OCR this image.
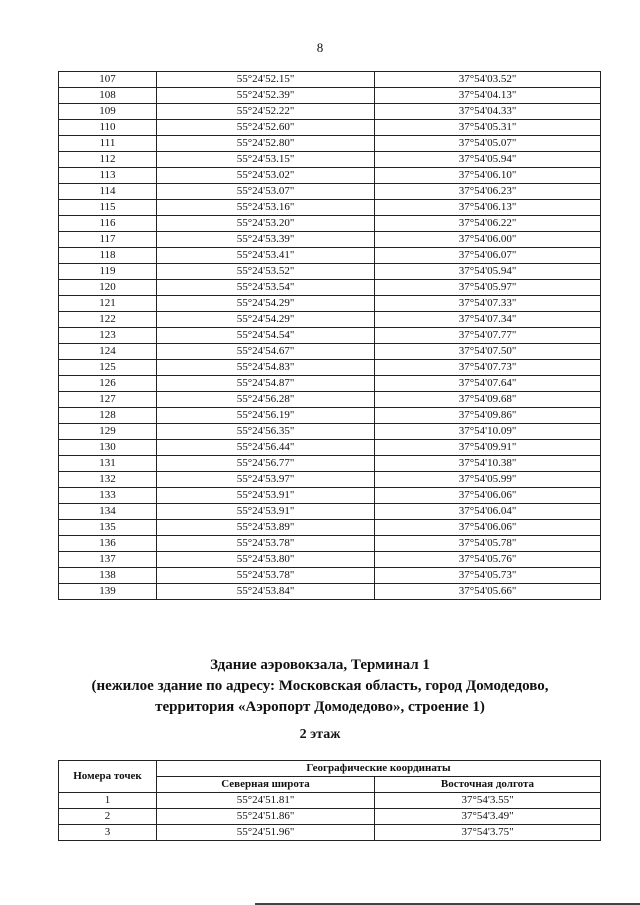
8
107	55°24'52.15"	37°54'03.52"
108	55°24'52.39"	37°54'04.13"
109	55°24'52.22"	37°54'04.33"
110	55°24'52.60"	37°54'05.31"
111	55°24'52.80"	37°54'05.07"
112	55°24'53.15"	37°54'05.94"
113	55°24'53.02"	37°54'06.10"
114	55°24'53.07"	37°54'06.23"
115	55°24'53.16"	37°54'06.13"
116	55°24'53.20"	37°54'06.22"
117	55°24'53.39"	37°54'06.00"
118	55°24'53.41"	37°54'06.07"
119	55°24'53.52"	37°54'05.94"
120	55°24'53.54"	37°54'05.97"
121	55°24'54.29"	37°54'07.33"
122	55°24'54.29"	37°54'07.34"
123	55°24'54.54"	37°54'07.77"
124	55°24'54.67"	37°54'07.50"
125	55°24'54.83"	37°54'07.73"
126	55°24'54.87"	37°54'07.64"
127	55°24'56.28"	37°54'09.68"
128	55°24'56.19"	37°54'09.86"
129	55°24'56.35"	37°54'10.09"
130	55°24'56.44"	37°54'09.91"
131	55°24'56.77"	37°54'10.38"
132	55°24'53.97"	37°54'05.99"
133	55°24'53.91"	37°54'06.06"
134	55°24'53.91"	37°54'06.04"
135	55°24'53.89"	37°54'06.06"
136	55°24'53.78"	37°54'05.78"
137	55°24'53.80"	37°54'05.76"
138	55°24'53.78"	37°54'05.73"
139	55°24'53.84"	37°54'05.66"
Здание аэровокзала, Терминал 1
(нежилое здание по адресу: Московская область, город Домодедово,
территория «Аэропорт Домодедово», строение 1)
2 этаж
Номера точек	Географические координаты	
	Северная широта	Восточная долгота
1	55°24'51.81"	37°54'3.55"
2	55°24'51.86"	37°54'3.49"
3	55°24'51.96"	37°54'3.75"
